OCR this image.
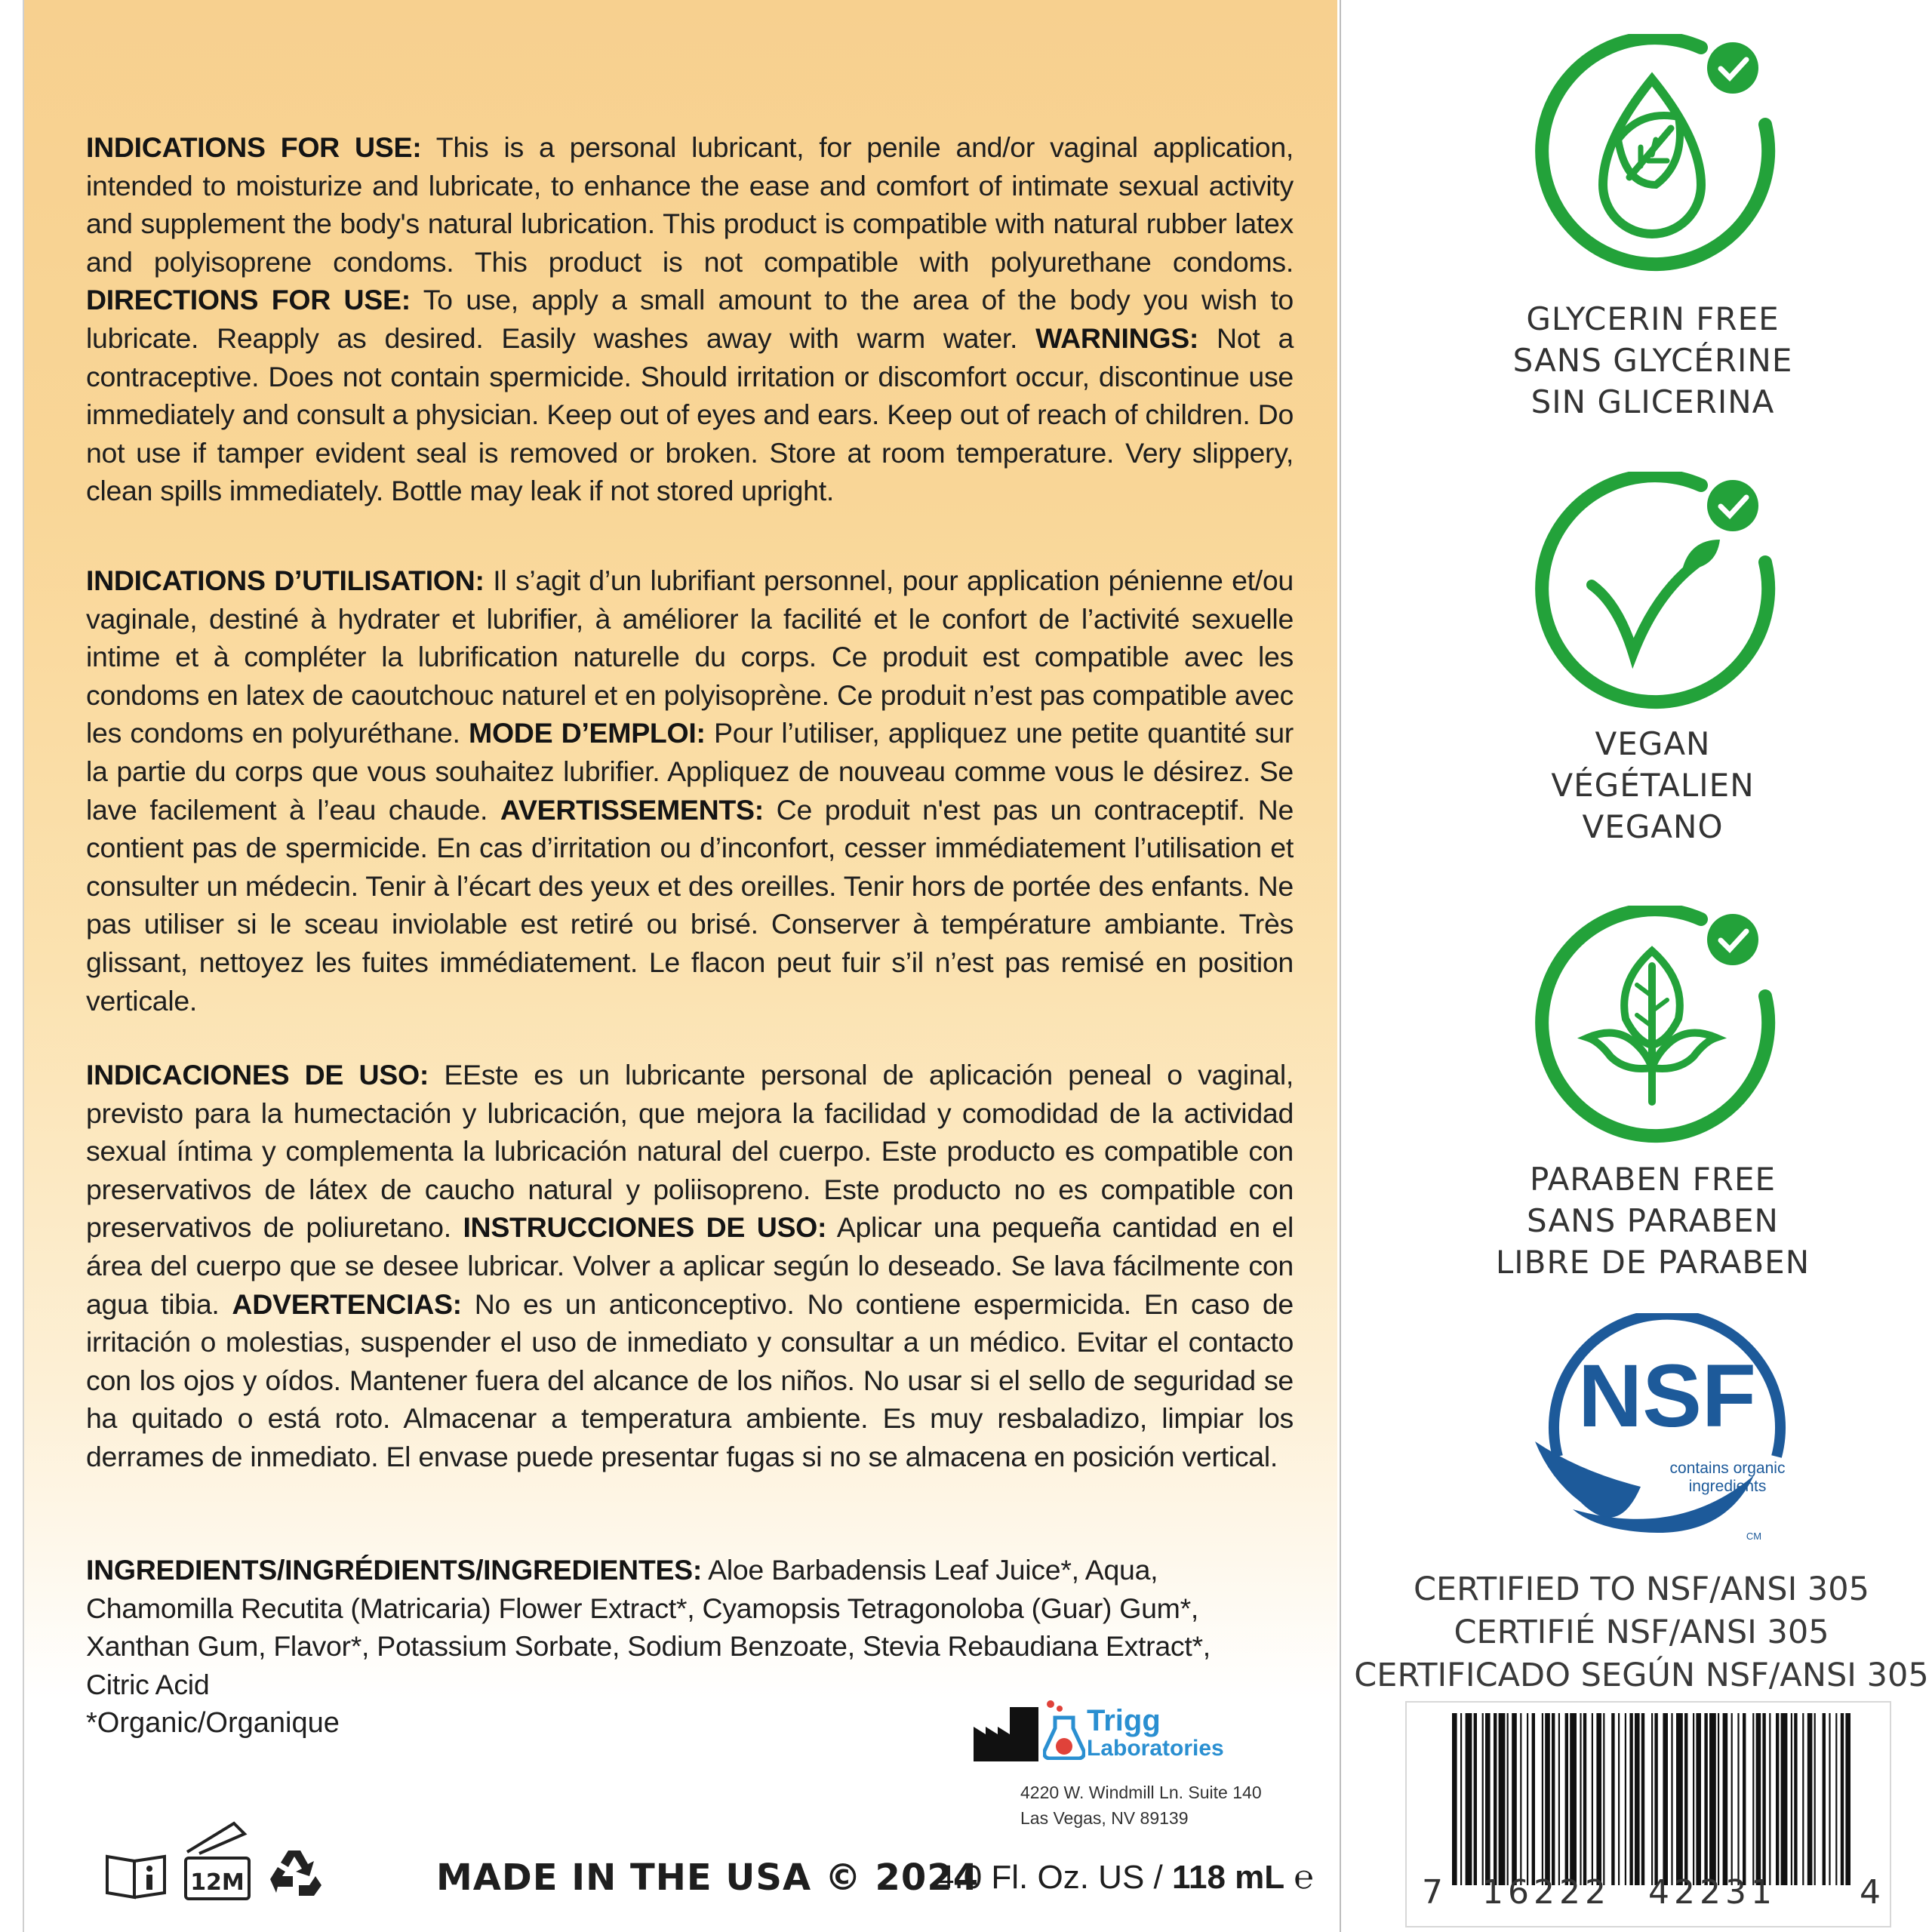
INDICATIONS FOR USE: This is a personal lubricant, for penile and/or vaginal application, intended to moisturize and lubricate, to enhance the ease and comfort of intimate sexual activity and supplement the body's natural lubrication. This product is compatible with natural rubber latex and polyisoprene condoms. This product is not compatible with polyurethane condoms. DIRECTIONS FOR USE: To use, apply a small amount to the area of the body you wish to lubricate. Reapply as desired. Easily washes away with warm water. WARNINGS: Not a contraceptive. Does not contain spermicide. Should irritation or discomfort occur, discontinue use immediately and consult a physician. Keep out of eyes and ears. Keep out of reach of children. Do not use if tamper evident seal is removed or broken. Store at room temperature. Very slippery, clean spills immediately. Bottle may leak if not stored upright.

INDICATIONS D’UTILISATION: Il s’agit d’un lubrifiant personnel, pour application pénienne et/ou vaginale, destiné à hydrater et lubrifier, à améliorer la facilité et le confort de l’activité sexuelle intime et à compléter la lubrification naturelle du corps. Ce produit est compatible avec les condoms en latex de caoutchouc naturel et en polyisoprène. Ce produit n’est pas compatible avec les condoms en polyuréthane. MODE D’EMPLOI: Pour l’utiliser, appliquez une petite quantité sur la partie du corps que vous souhaitez lubrifier. Appliquez de nouveau comme vous le désirez. Se lave facilement à l’eau chaude. AVERTISSEMENTS: Ce produit n'est pas un contraceptif. Ne contient pas de spermicide. En cas d’irritation ou d’inconfort, cesser immédiatement l’utilisation et consulter un médecin. Tenir à l’écart des yeux et des oreilles. Tenir hors de portée des enfants. Ne pas utiliser si le sceau inviolable est retiré ou brisé. Conserver à température ambiante. Très glissant, nettoyez les fuites immédiatement. Le flacon peut fuir s’il n’est pas remisé en position verticale.

INDICACIONES DE USO: EEste es un lubricante personal de aplicación peneal o vaginal, previsto para la humectación y lubricación, que mejora la facilidad y comodidad de la actividad sexual íntima y complementa la lubricación natural del cuerpo. Este producto es compatible con preservativos de látex de caucho natural y poliisopreno. Este producto no es compatible con preservativos de poliuretano. INSTRUCCIONES DE USO: Aplicar una pequeña cantidad en el área del cuerpo que se desee lubricar. Volver a aplicar según lo deseado. Se lava fácilmente con agua tibia. ADVERTENCIAS: No es un anticonceptivo. No contiene espermicida. En caso de irritación o molestias, suspender el uso de inmediato y consultar a un médico. Evitar el contacto con los ojos y oídos. Mantener fuera del alcance de los niños. No usar si el sello de seguridad se ha quitado o está roto. Almacenar a temperatura ambiente. Es muy resbaladizo, limpiar los derrames de inmediato. El envase puede presentar fugas si no se almacena en posición vertical.

INGREDIENTS/INGRÉDIENTS/INGREDIENTES: Aloe Barbadensis Leaf Juice*, Aqua, Chamomilla Recutita (Matricaria) Flower Extract*, Cyamopsis Tetragonoloba (Guar) Gum*, Xanthan Gum, Flavor*, Potassium Sorbate, Sodium Benzoate, Stevia Rebaudiana Extract*, Citric Acid

*Organic/Organique	Trigg
Laboratories
4220 W. Windmill Ln. Suite 140
Las Vegas, NV 89139
12M	MADE IN THE USA © 2024
4.0 Fl. Oz. US / 118 mL ℮
GLYCERIN FREE
SANS GLYCÉRINE
SIN GLICERINA
VEGAN
VÉGÉTALIEN
VEGANO
PARABEN FREE
SANS PARABEN
LIBRE DE PARABEN
NSF
contains organic
ingredients
CM
CERTIFIED TO NSF/ANSI 305
CERTIFIÉ NSF/ANSI 305
CERTIFICADO SEGÚN NSF/ANSI 305
7 16222 42231	4
